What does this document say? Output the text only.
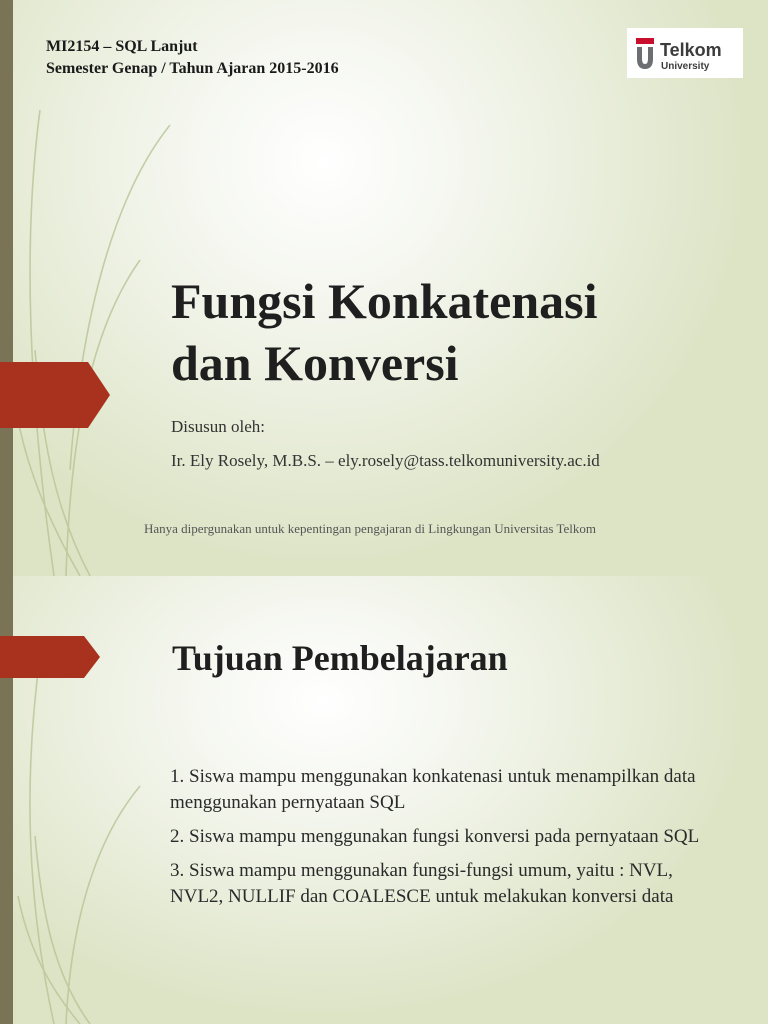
MI2154 – SQL Lanjut
Semester Genap / Tahun Ajaran 2015-2016

Telkom
University
Fungsi Konkatenasi
dan Konversi

Disusun oleh:

Ir. Ely Rosely, M.B.S. – ely.rosely@tass.telkomuniversity.ac.id

Hanya dipergunakan untuk kepentingan pengajaran di Lingkungan Universitas Telkom

Tujuan Pembelajaran
1. Siswa mampu menggunakan konkatenasi untuk menampilkan data menggunakan pernyataan SQL
2. Siswa mampu menggunakan fungsi konversi pada pernyataan SQL
3. Siswa mampu menggunakan fungsi-fungsi umum, yaitu : NVL, NVL2, NULLIF dan COALESCE untuk melakukan konversi data
